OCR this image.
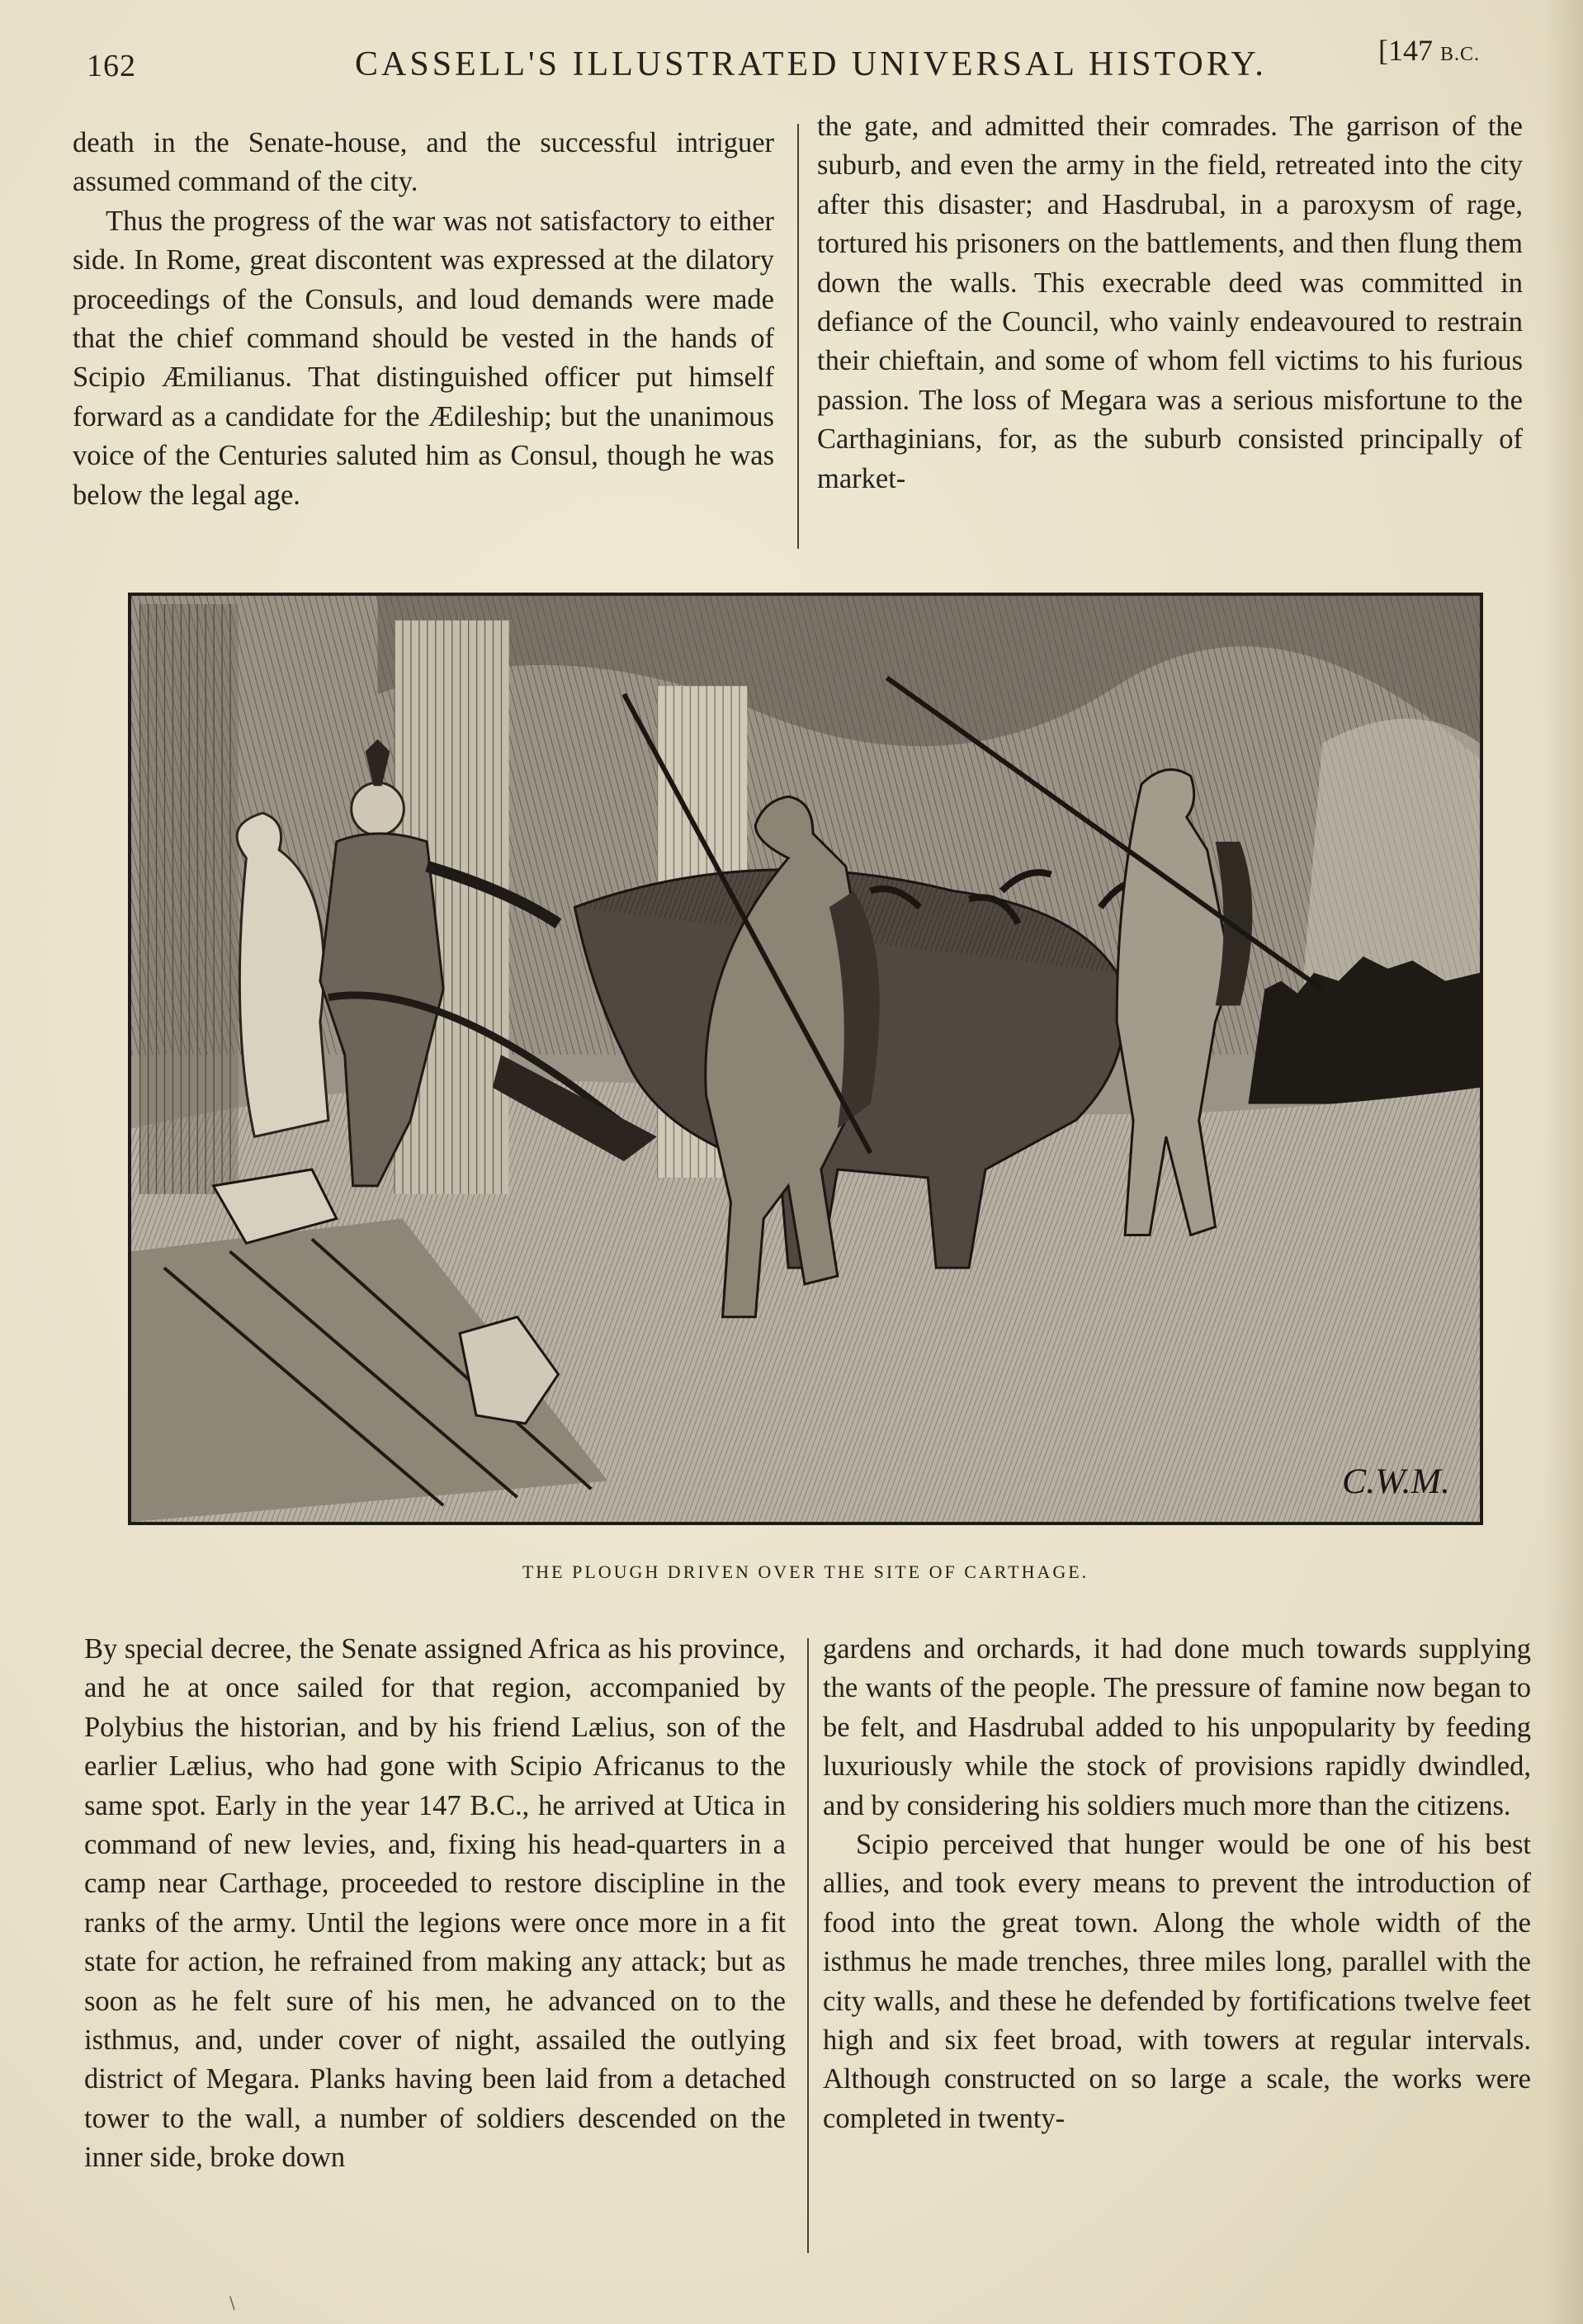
162	CASSELL'S ILLUSTRATED UNIVERSAL HISTORY.	[147 B.C.

death in the Senate-house, and the successful intriguer assumed command of the city.

Thus the progress of the war was not satisfactory to either side. In Rome, great discontent was expressed at the dilatory proceedings of the Consuls, and loud demands were made that the chief command should be vested in the hands of Scipio Æmilianus. That distinguished officer put himself forward as a candidate for the Ædileship; but the unanimous voice of the Centuries saluted him as Consul, though he was below the legal age.

the gate, and admitted their comrades. The garrison of the suburb, and even the army in the field, retreated into the city after this disaster; and Hasdrubal, in a paroxysm of rage, tortured his prisoners on the battlements, and then flung them down the walls. This execrable deed was committed in defiance of the Council, who vainly endeavoured to restrain their chieftain, and some of whom fell victims to his furious passion. The loss of Megara was a serious misfortune to the Carthaginians, for, as the suburb consisted principally of market-

C.W.M.
THE PLOUGH DRIVEN OVER THE SITE OF CARTHAGE.

By special decree, the Senate assigned Africa as his province, and he at once sailed for that region, accompanied by Polybius the historian, and by his friend Lælius, son of the earlier Lælius, who had gone with Scipio Africanus to the same spot. Early in the year 147 B.C., he arrived at Utica in command of new levies, and, fixing his head-quarters in a camp near Carthage, proceeded to restore discipline in the ranks of the army. Until the legions were once more in a fit state for action, he refrained from making any attack; but as soon as he felt sure of his men, he advanced on to the isthmus, and, under cover of night, assailed the outlying district of Megara. Planks having been laid from a detached tower to the wall, a number of soldiers descended on the inner side, broke down

gardens and orchards, it had done much towards supplying the wants of the people. The pressure of famine now began to be felt, and Hasdrubal added to his unpopularity by feeding luxuriously while the stock of provisions rapidly dwindled, and by considering his soldiers much more than the citizens.

Scipio perceived that hunger would be one of his best allies, and took every means to prevent the introduction of food into the great town. Along the whole width of the isthmus he made trenches, three miles long, parallel with the city walls, and these he defended by fortifications twelve feet high and six feet broad, with towers at regular intervals. Although constructed on so large a scale, the works were completed in twenty-

\
